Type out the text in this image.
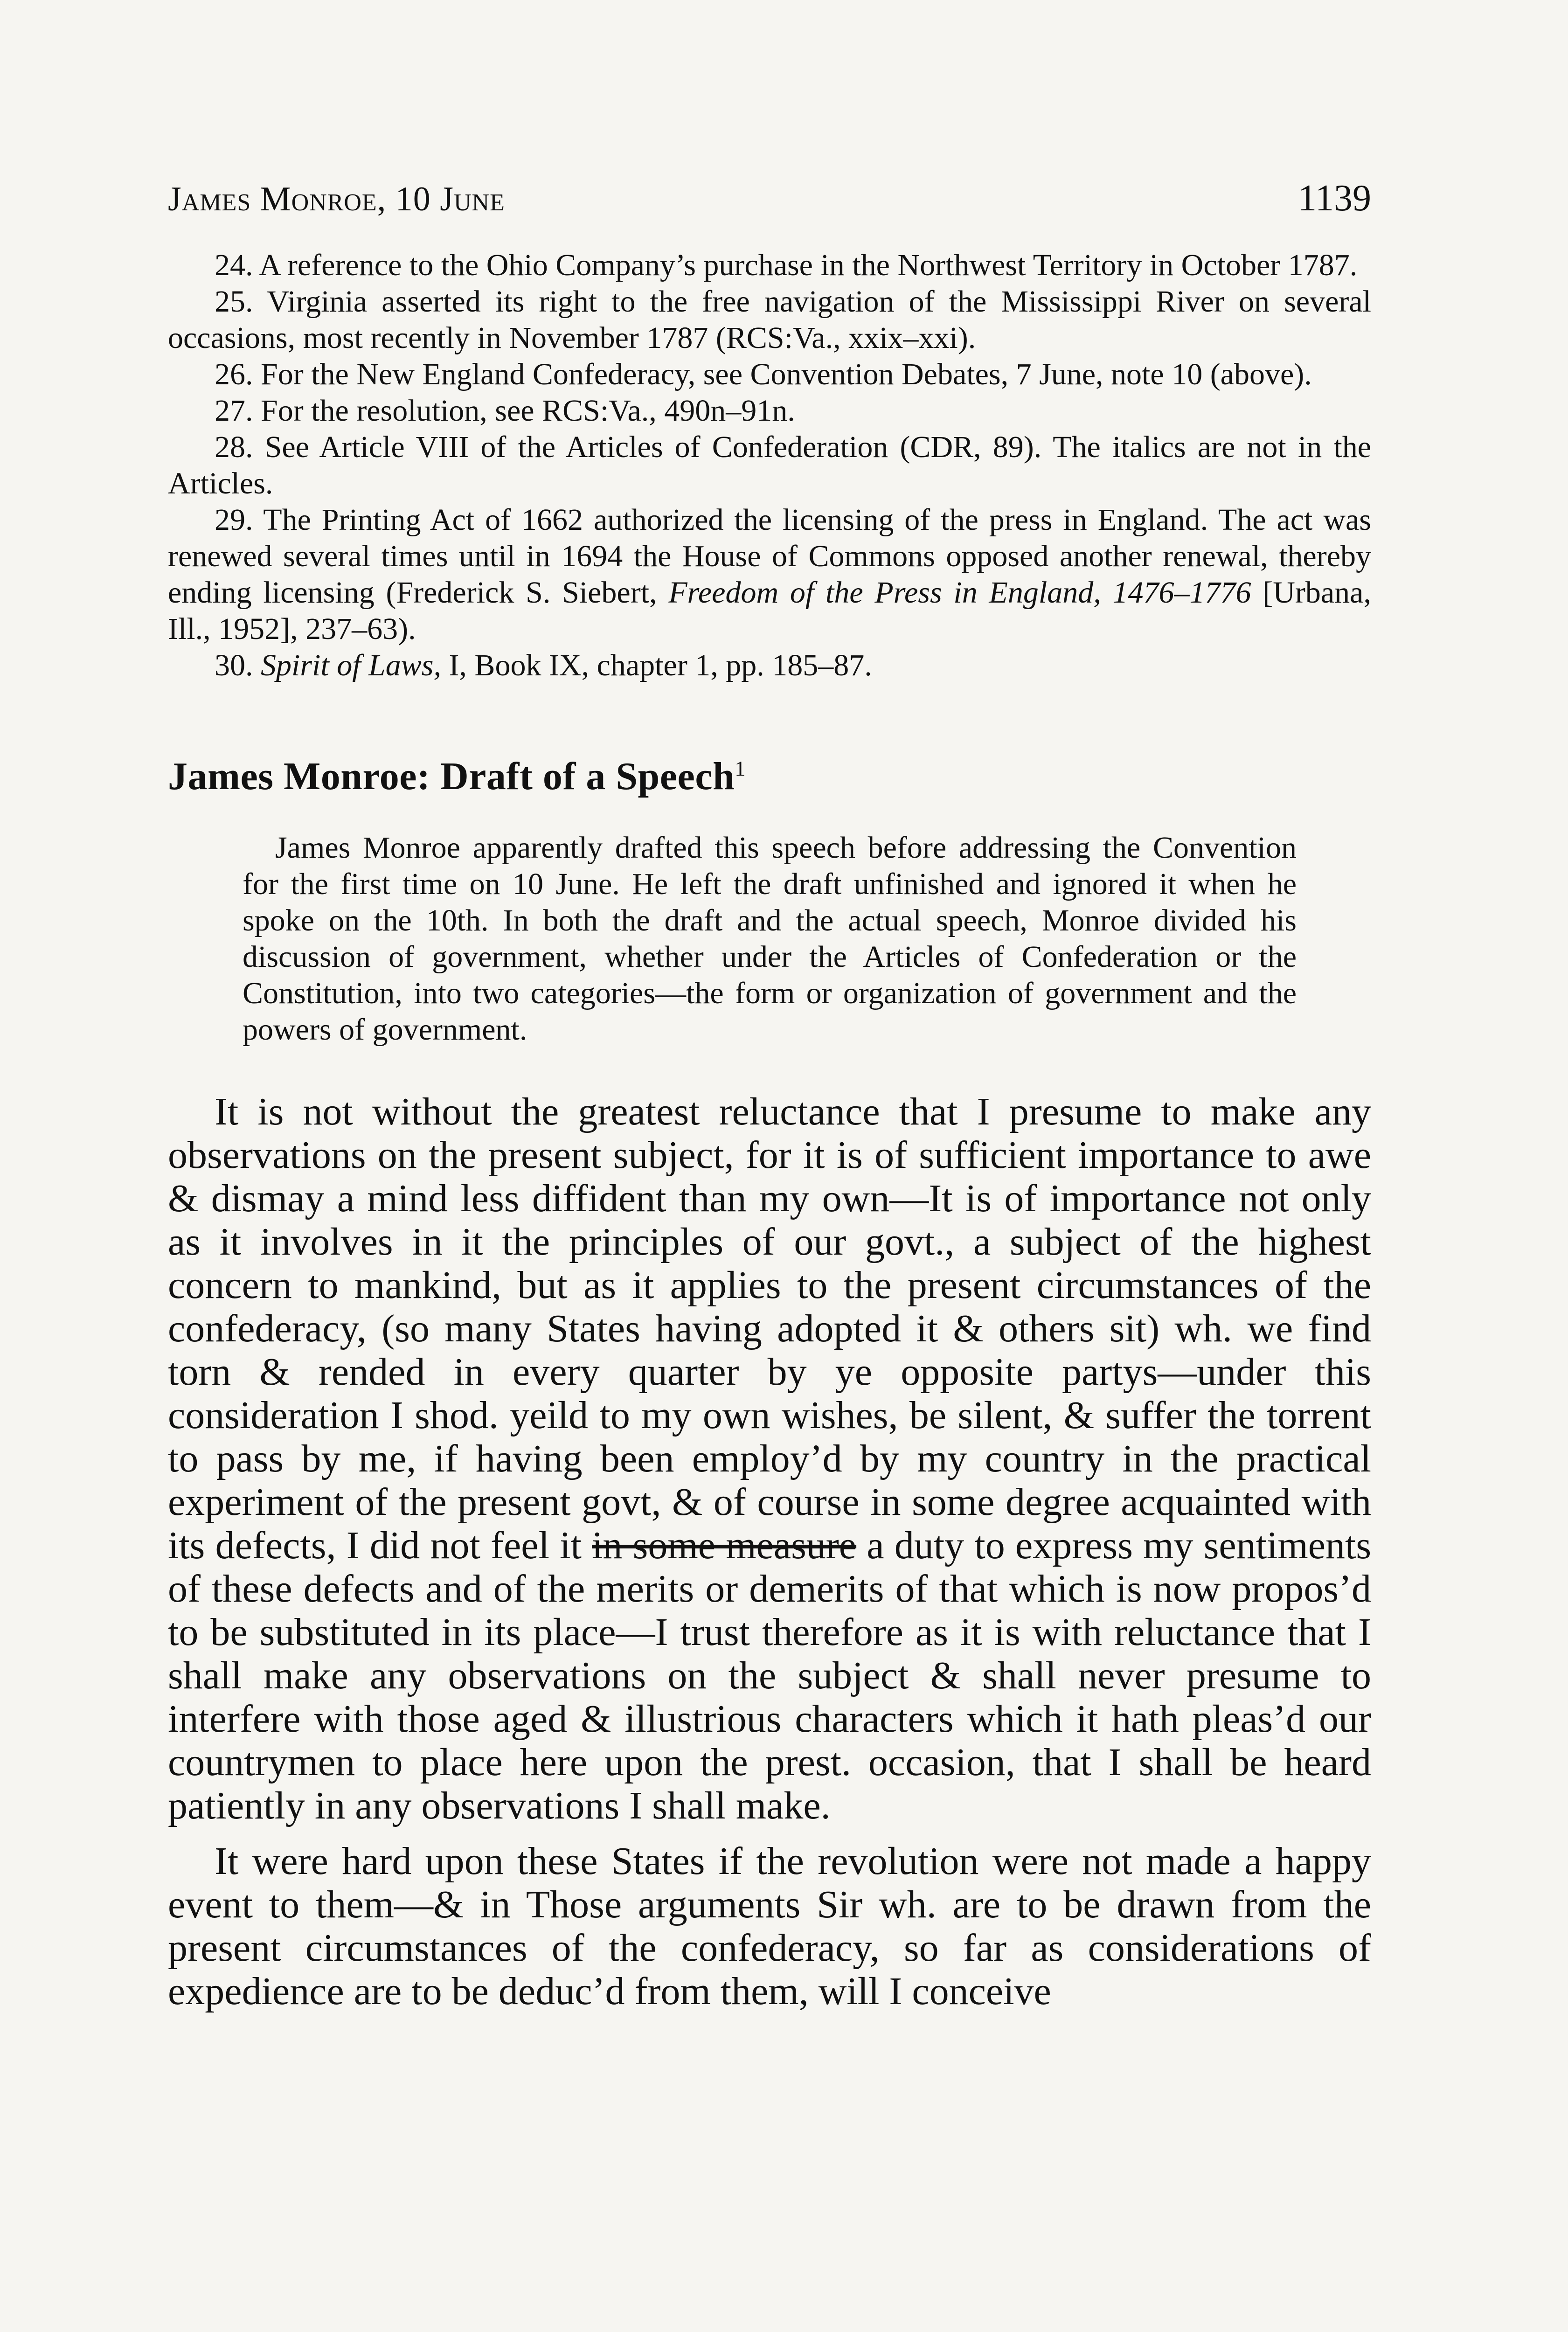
James Monroe, 10 June	1139

24. A reference to the Ohio Company’s purchase in the Northwest Territory in October 1787.

25. Virginia asserted its right to the free navigation of the Mississippi River on several occasions, most recently in November 1787 (RCS:Va., xxix–xxi).

26. For the New England Confederacy, see Convention Debates, 7 June, note 10 (above).

27. For the resolution, see RCS:Va., 490n–91n.

28. See Article VIII of the Articles of Confederation (CDR, 89). The italics are not in the Articles.

29. The Printing Act of 1662 authorized the licensing of the press in England. The act was renewed several times until in 1694 the House of Commons opposed another renewal, thereby ending licensing (Frederick S. Siebert, Freedom of the Press in England, 1476–1776 [Urbana, Ill., 1952], 237–63).

30. Spirit of Laws, I, Book IX, chapter 1, pp. 185–87.

James Monroe: Draft of a Speech$^1$

James Monroe apparently drafted this speech before addressing the Convention for the first time on 10 June. He left the draft unfinished and ignored it when he spoke on the 10th. In both the draft and the actual speech, Monroe divided his discussion of government, whether under the Articles of Confederation or the Constitution, into two categories—the form or organization of government and the powers of government.

It is not without the greatest reluctance that I presume to make any observations on the present subject, for it is of sufficient importance to awe & dismay a mind less diffident than my own—It is of importance not only as it involves in it the principles of our govt., a subject of the highest concern to mankind, but as it applies to the present circumstances of the confederacy, (so many States having adopted it & others sit) wh. we find torn & rended in every quarter by ye opposite partys—under this consideration I shod. yeild to my own wishes, be silent, & suffer the torrent to pass by me, if having been employ’d by my country in the practical experiment of the present govt, & of course in some degree acquainted with its defects, I did not feel it in some measure a duty to express my sentiments of these defects and of the merits or demerits of that which is now propos’d to be substituted in its place—I trust therefore as it is with reluctance that I shall make any observations on the subject & shall never presume to interfere with those aged & illustrious characters which it hath pleas’d our countrymen to place here upon the prest. occasion, that I shall be heard patiently in any observations I shall make.

It were hard upon these States if the revolution were not made a happy event to them—& in Those arguments Sir wh. are to be drawn from the present circumstances of the confederacy, so far as considerations of expedience are to be deduc’d from them, will I conceive
